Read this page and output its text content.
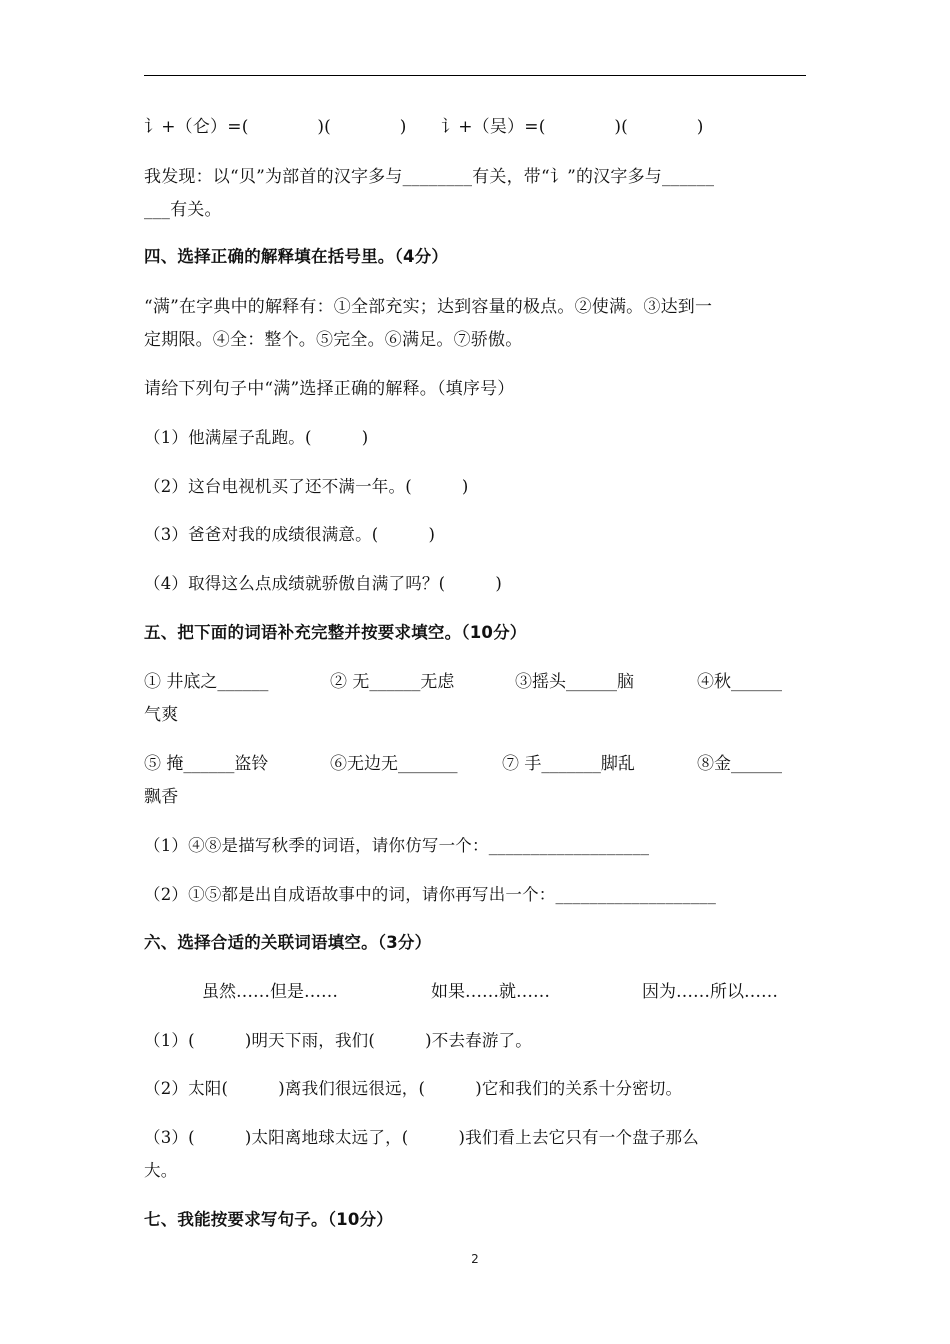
讠+（仑）=(　　　　)(　　　　)　　讠+（吴）=(　　　　)(　　　　)
我发现：以“贝”为部首的汉字多与________有关，带“讠”的汉字多与______
___有关。
四、选择正确的解释填在括号里。（4分）
“满”在字典中的解释有：①全部充实；达到容量的极点。②使满。③达到一
定期限。④全：整个。⑤完全。⑥满足。⑦骄傲。
请给下列句子中“满”选择正确的解释。（填序号）
（1）他满屋子乱跑。(　　　)
（2）这台电视机买了还不满一年。(　　　)
（3）爸爸对我的成绩很满意。(　　　)
（4）取得这么点成绩就骄傲自满了吗？(　　　)
五、把下面的词语补充完整并按要求填空。（10分）
① 井底之______	② 无______无虑	③摇头______脑	④秋______
气爽
⑤ 掩______盗铃	⑥无边无_______	⑦ 手_______脚乱	⑧金______
飘香
（1）④⑧是描写秋季的词语，请你仿写一个：___________________
（2）①⑤都是出自成语故事中的词，请你再写出一个：___________________
六、选择合适的关联词语填空。（3分）
虽然……但是……	如果……就……	因为……所以……
（1）(　　　)明天下雨，我们(　　　)不去春游了。
（2）太阳(　　　)离我们很远很远，(　　　)它和我们的关系十分密切。
（3）(　　　)太阳离地球太远了，(　　　)我们看上去它只有一个盘子那么
大。
七、我能按要求写句子。（10分）
2
